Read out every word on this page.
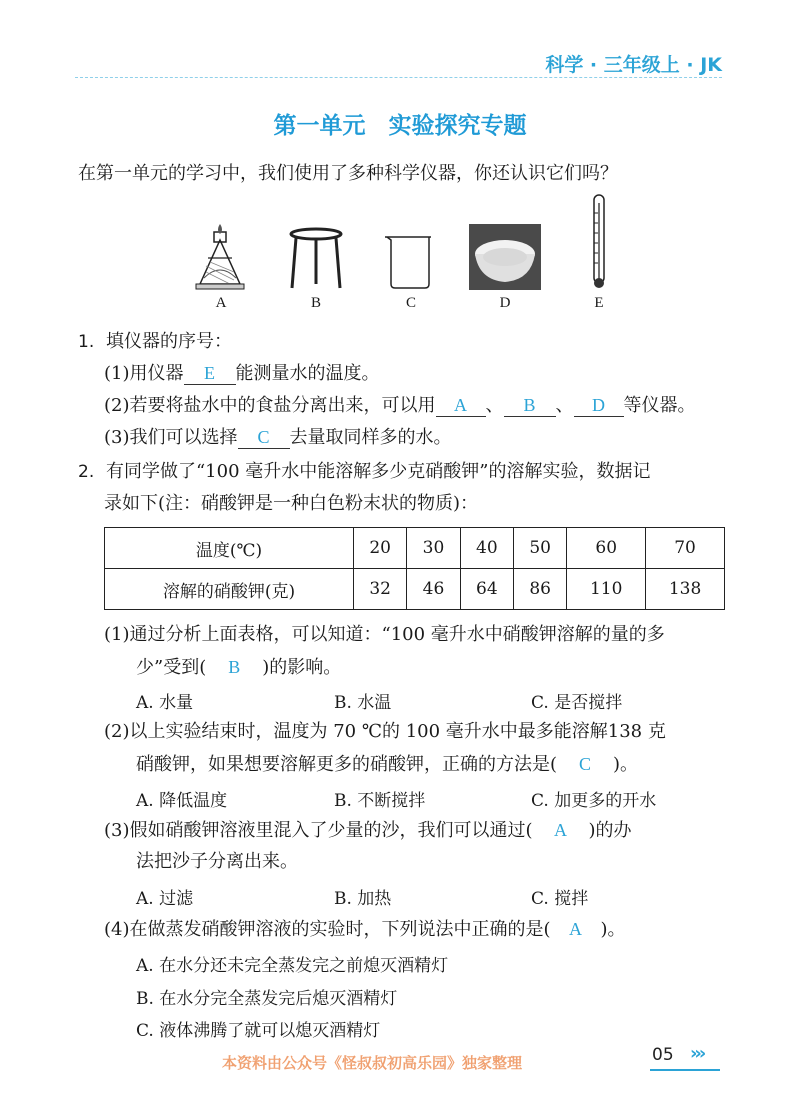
科学 · 三年级上 · JK
第一单元　实验探究专题
在第一单元的学习中，我们使用了多种科学仪器，你还认识它们吗？
A	B	C	D	E
1. 填仪器的序号：
(1)用仪器 E 能测量水的温度。
(2)若要将盐水中的食盐分离出来，可以用 A 、 B 、 D 等仪器。
(3)我们可以选择 C 去量取同样多的水。
2. 有同学做了“100 毫升水中能溶解多少克硝酸钾”的溶解实验，数据记
录如下(注：硝酸钾是一种白色粉末状的物质)：
温度(℃)	20	30	40	50	60	70
溶解的硝酸钾(克)	32	46	64	86	110	138
(1)通过分析上面表格，可以知道：“100 毫升水中硝酸钾溶解的量的多
少”受到( B )的影响。
A. 水量	B. 水温	C. 是否搅拌
(2)以上实验结束时，温度为 70 ℃的 100 毫升水中最多能溶解138 克
硝酸钾，如果想要溶解更多的硝酸钾，正确的方法是( C )。
A. 降低温度	B. 不断搅拌	C. 加更多的开水
(3)假如硝酸钾溶液里混入了少量的沙，我们可以通过( A )的办
法把沙子分离出来。
A. 过滤	B. 加热	C. 搅拌
(4)在做蒸发硝酸钾溶液的实验时，下列说法中正确的是( A )。
A. 在水分还未完全蒸发完之前熄灭酒精灯
B. 在水分完全蒸发完后熄灭酒精灯
C. 液体沸腾了就可以熄灭酒精灯
本资料由公众号《怪叔叔初高乐园》独家整理	05 ›››
